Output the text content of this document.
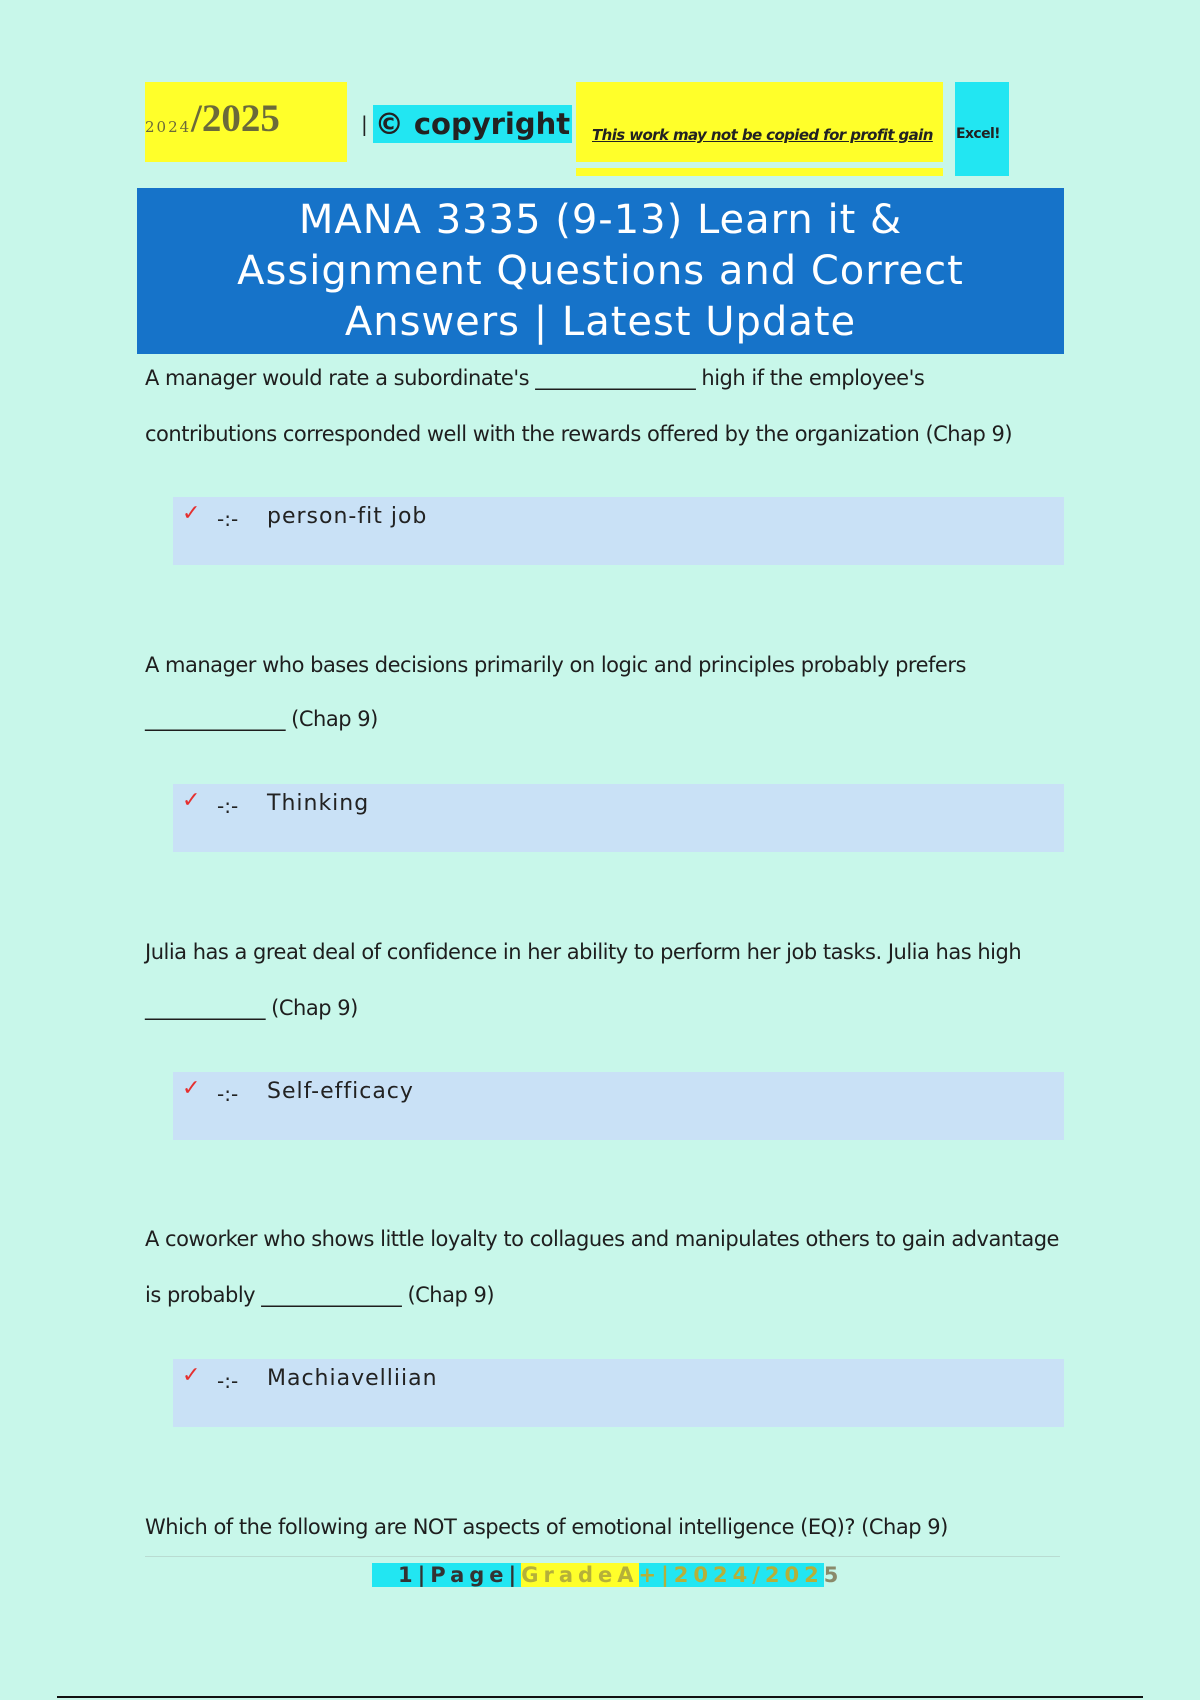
2024 /2025	| © copyright This work may not be copied for profit gain Excel!
MANA 3335 (9-13) Learn it & Assignment Questions and Correct Answers | Latest Update
A manager would rate a subordinate's ________________ high if the employee's
contributions corresponded well with the rewards offered by the organization (Chap 9)
✓ -:- person-fit job
A manager who bases decisions primarily on logic and principles probably prefers
______________ (Chap 9)
✓ -:- Thinking
Julia has a great deal of confidence in her ability to perform her job tasks. Julia has high
____________ (Chap 9)
✓ -:- Self-efficacy
A coworker who shows little loyalty to collagues and manipulates others to gain advantage
is probably ______________ (Chap 9)
✓ -:- Machiavelliian
Which of the following are NOT aspects of emotional intelligence (EQ)? (Chap 9)
1|Page| GradeA +|2024/202 5
